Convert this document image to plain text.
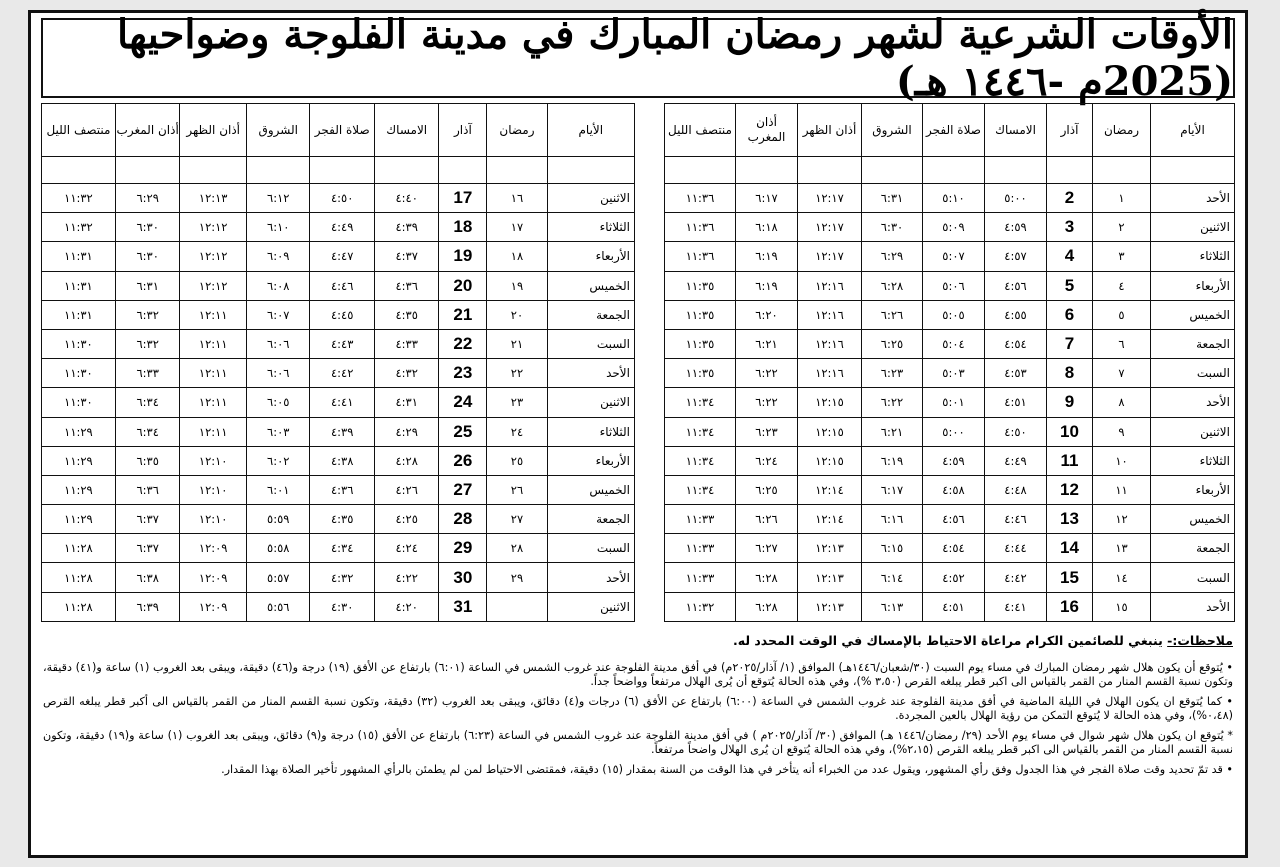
الأوقات الشرعية لشهر رمضان المبارك في مدينة الفلوجة وضواحيها (2025م -١٤٤٦ هـ)
الأيام	رمضان	آذار	الامساك	صلاة الفجر	الشروق	أذان الظهر	أذان المغرب	منتصف الليل

الأحد	١	2	٥:٠٠	٥:١٠	٦:٣١	١٢:١٧	٦:١٧	١١:٣٦
الاثنين	٢	3	٤:٥٩	٥:٠٩	٦:٣٠	١٢:١٧	٦:١٨	١١:٣٦
الثلاثاء	٣	4	٤:٥٧	٥:٠٧	٦:٢٩	١٢:١٧	٦:١٩	١١:٣٦
الأربعاء	٤	5	٤:٥٦	٥:٠٦	٦:٢٨	١٢:١٦	٦:١٩	١١:٣٥
الخميس	٥	6	٤:٥٥	٥:٠٥	٦:٢٦	١٢:١٦	٦:٢٠	١١:٣٥
الجمعة	٦	7	٤:٥٤	٥:٠٤	٦:٢٥	١٢:١٦	٦:٢١	١١:٣٥
السبت	٧	8	٤:٥٣	٥:٠٣	٦:٢٣	١٢:١٦	٦:٢٢	١١:٣٥
الأحد	٨	9	٤:٥١	٥:٠١	٦:٢٢	١٢:١٥	٦:٢٢	١١:٣٤
الاثنين	٩	10	٤:٥٠	٥:٠٠	٦:٢١	١٢:١٥	٦:٢٣	١١:٣٤
الثلاثاء	١٠	11	٤:٤٩	٤:٥٩	٦:١٩	١٢:١٥	٦:٢٤	١١:٣٤
الأربعاء	١١	12	٤:٤٨	٤:٥٨	٦:١٧	١٢:١٤	٦:٢٥	١١:٣٤
الخميس	١٢	13	٤:٤٦	٤:٥٦	٦:١٦	١٢:١٤	٦:٢٦	١١:٣٣
الجمعة	١٣	14	٤:٤٤	٤:٥٤	٦:١٥	١٢:١٣	٦:٢٧	١١:٣٣
السبت	١٤	15	٤:٤٢	٤:٥٢	٦:١٤	١٢:١٣	٦:٢٨	١١:٣٣
الأحد	١٥	16	٤:٤١	٤:٥١	٦:١٣	١٢:١٣	٦:٢٨	١١:٣٢
الأيام	رمضان	آذار	الامساك	صلاة الفجر	الشروق	أذان الظهر	أذان المغرب	منتصف الليل

الاثنين	١٦	17	٤:٤٠	٤:٥٠	٦:١٢	١٢:١٣	٦:٢٩	١١:٣٢
الثلاثاء	١٧	18	٤:٣٩	٤:٤٩	٦:١٠	١٢:١٢	٦:٣٠	١١:٣٢
الأربعاء	١٨	19	٤:٣٧	٤:٤٧	٦:٠٩	١٢:١٢	٦:٣٠	١١:٣١
الخميس	١٩	20	٤:٣٦	٤:٤٦	٦:٠٨	١٢:١٢	٦:٣١	١١:٣١
الجمعة	٢٠	21	٤:٣٥	٤:٤٥	٦:٠٧	١٢:١١	٦:٣٢	١١:٣١
السبت	٢١	22	٤:٣٣	٤:٤٣	٦:٠٦	١٢:١١	٦:٣٢	١١:٣٠
الأحد	٢٢	23	٤:٣٢	٤:٤٢	٦:٠٦	١٢:١١	٦:٣٣	١١:٣٠
الاثنين	٢٣	24	٤:٣١	٤:٤١	٦:٠٥	١٢:١١	٦:٣٤	١١:٣٠
الثلاثاء	٢٤	25	٤:٢٩	٤:٣٩	٦:٠٣	١٢:١١	٦:٣٤	١١:٢٩
الأربعاء	٢٥	26	٤:٢٨	٤:٣٨	٦:٠٢	١٢:١٠	٦:٣٥	١١:٢٩
الخميس	٢٦	27	٤:٢٦	٤:٣٦	٦:٠١	١٢:١٠	٦:٣٦	١١:٢٩
الجمعة	٢٧	28	٤:٢٥	٤:٣٥	٥:٥٩	١٢:١٠	٦:٣٧	١١:٢٩
السبت	٢٨	29	٤:٢٤	٤:٣٤	٥:٥٨	١٢:٠٩	٦:٣٧	١١:٢٨
الأحد	٢٩	30	٤:٢٢	٤:٣٢	٥:٥٧	١٢:٠٩	٦:٣٨	١١:٢٨
الاثنين		31	٤:٢٠	٤:٣٠	٥:٥٦	١٢:٠٩	٦:٣٩	١١:٢٨
ملاحظات:- ينبغي للصائمين الكرام مراعاة الاحتياط بالإمساك في الوقت المحدد له.

• يُتوقع أن يكون هلال شهر رمضان المبارك في مساء يوم السبت (٣٠/شعبان/١٤٤٦هـ) الموافق (١/ آذار/٢٠٢٥م) في أفق مدينة الفلوجة عند غروب الشمس في الساعة (٦:٠١) بارتفاع عن الأفق (١٩) درجة و(٤٦) دقيقة، ويبقى بعد الغروب (١) ساعة و(٤١) دقيقة، وتكون نسبة القسم المنار من القمر بالقياس الى اكبر قطر يبلغه القرص (٣،٥٠ %)، وفي هذه الحالة يُتوقع أن يُرى الهلال مرتفعاً وواضحاً جداً.

• كما يُتوقع ان يكون الهلال في الليلة الماضية في أفق مدينة الفلوجة عند غروب الشمس في الساعة (٦:٠٠) بارتفاع عن الأفق (٦) درجات و(٤) دقائق، ويبقى بعد الغروب (٣٢) دقيقة، وتكون نسبة القسم المنار من القمر بالقياس الى أكبر قطر يبلغه القرص (٠،٤٨%)، وفي هذه الحالة لا يُتوقع التمكن من رؤية الهلال بالعين المجردة.

* يُتوقع ان يكون هلال شهر شوال في مساء يوم الأحد (٢٩/ رمضان/١٤٤٦ هـ) الموافق (٣٠/ آذار/٢٠٢٥م ) في أفق مدينة الفلوجة عند غروب الشمس في الساعة (٦:٢٣) بارتفاع عن الأفق (١٥) درجة و(٩) دقائق، ويبقى بعد الغروب (١) ساعة و(١٩) دقيقة، وتكون نسبة القسم المنار من القمر بالقياس الى اكبر قطر يبلغه القرص (٢،١٥%)، وفي هذه الحالة يُتوقع ان يُرى الهلال واضحاً مرتفعاً.

• قد تمّ تحديد وقت صلاة الفجر في هذا الجدول وفق رأي المشهور، ويقول عدد من الخبراء أنه يتأخر في هذا الوقت من السنة بمقدار (١٥) دقيقة، فمقتضى الاحتياط لمن لم يطمئن بالرأي المشهور تأخير الصلاة بهذا المقدار.
